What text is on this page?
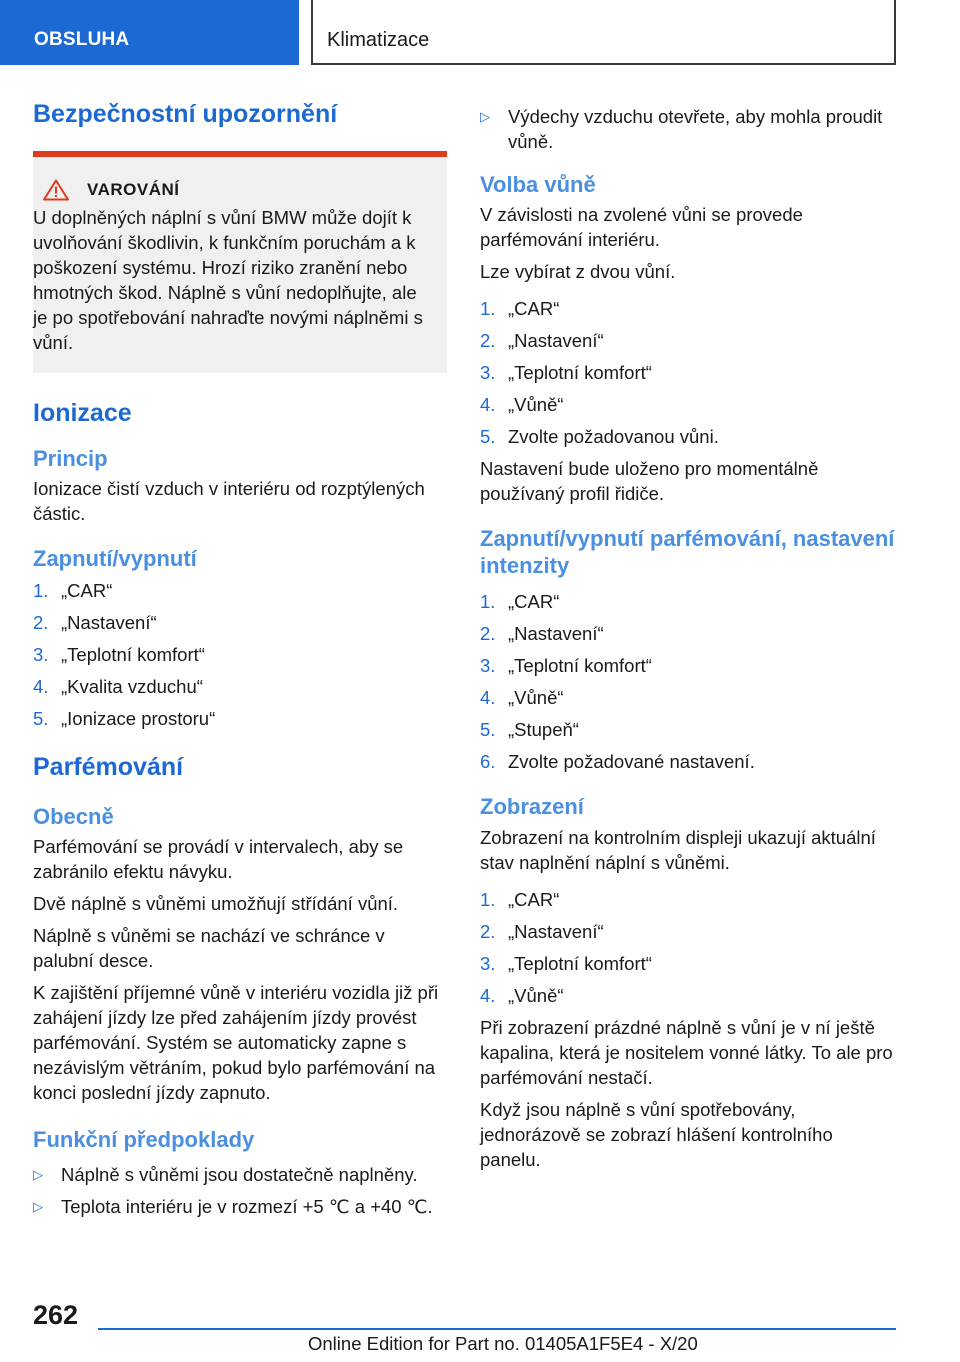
OBSLUHA	Klimatizace
Bezpečnostní upozornění
VAROVÁNÍ
U doplněných náplní s vůní BMW může dojít k uvolňování škodlivin, k funkčním poruchám a k poškození systému. Hrozí riziko zranění nebo hmotných škod. Náplně s vůní nedoplňujte, ale je po spotřebování nahraďte novými náplněmi s vůní.
Ionizace
Princip
Ionizace čistí vzduch v interiéru od rozptýlených částic.
Zapnutí/vypnutí
1. „CAR“
2. „Nastavení“
3. „Teplotní komfort“
4. „Kvalita vzduchu“
5. „Ionizace prostoru“
Parfémování
Obecně
Parfémování se provádí v intervalech, aby se zabránilo efektu návyku.
Dvě náplně s vůněmi umožňují střídání vůní.
Náplně s vůněmi se nachází ve schránce v palubní desce.
K zajištění příjemné vůně v interiéru vozidla již při zahájení jízdy lze před zahájením jízdy provést parfémování. Systém se automaticky zapne s nezávislým větráním, pokud bylo parfémování na konci poslední jízdy zapnuto.
Funkční předpoklady
▷ Náplně s vůněmi jsou dostatečně naplněny.
▷ Teplota interiéru je v rozmezí +5 ℃ a +40 ℃.
▷ Výdechy vzduchu otevřete, aby mohla proudit vůně.
Volba vůně
V závislosti na zvolené vůni se provede parfémování interiéru.
Lze vybírat z dvou vůní.
1. „CAR“
2. „Nastavení“
3. „Teplotní komfort“
4. „Vůně“
5. Zvolte požadovanou vůni.
Nastavení bude uloženo pro momentálně používaný profil řidiče.
Zapnutí/vypnutí parfémování, nastavení intenzity
1. „CAR“
2. „Nastavení“
3. „Teplotní komfort“
4. „Vůně“
5. „Stupeň“
6. Zvolte požadované nastavení.
Zobrazení
Zobrazení na kontrolním displeji ukazují aktuální stav naplnění náplní s vůněmi.
1. „CAR“
2. „Nastavení“
3. „Teplotní komfort“
4. „Vůně“
Při zobrazení prázdné náplně s vůní je v ní ještě kapalina, která je nositelem vonné látky. To ale pro parfémování nestačí.
Když jsou náplně s vůní spotřebovány, jednorázově se zobrazí hlášení kontrolního panelu.
262
Online Edition for Part no. 01405A1F5E4 - X/20
